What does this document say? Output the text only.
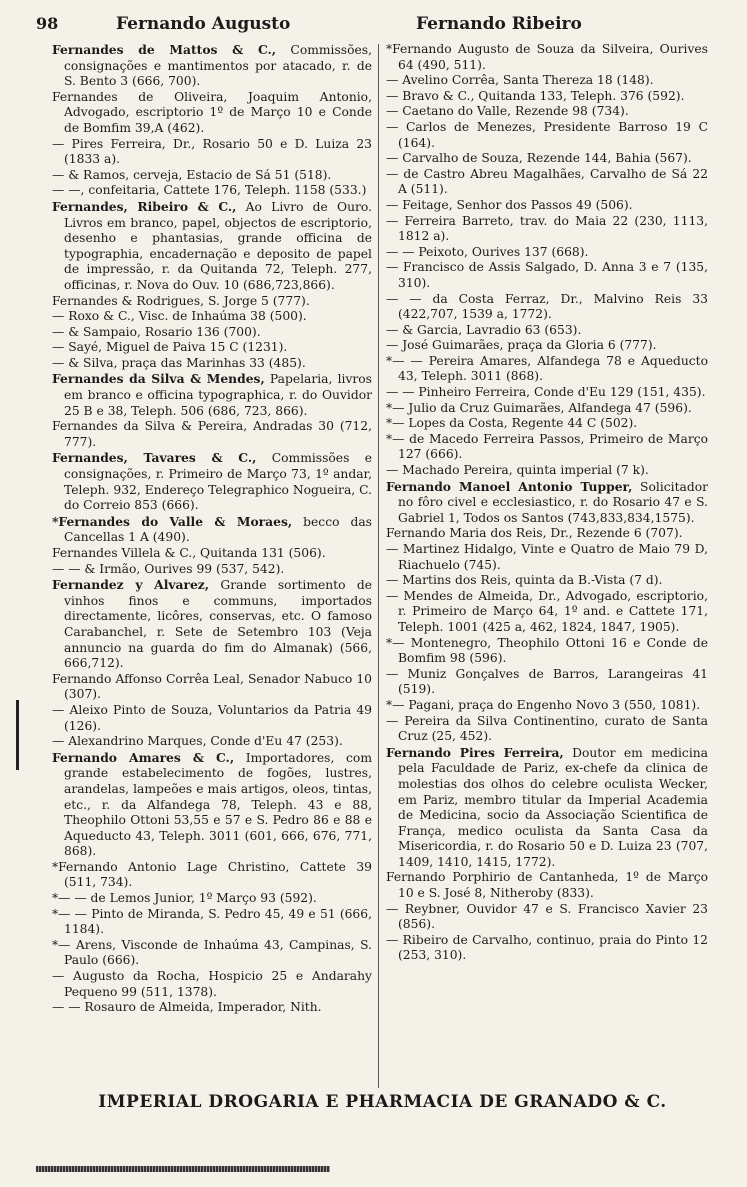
98	Fernando Augusto	Fernando Ribeiro

Fernandes de Mattos & C., Commissões, consignações e mantimentos por atacado, r. de S. Bento 3 (666, 700).

Fernandes de Oliveira, Joaquim Antonio, Advogado, escriptorio 1º de Março 10 e Conde de Bomfim 39,A (462).

— Pires Ferreira, Dr., Rosario 50 e D. Luiza 23 (1833 a).

— & Ramos, cerveja, Estacio de Sá 51 (518).

— —, confeitaria, Cattete 176, Teleph. 1158 (533.)

Fernandes, Ribeiro & C., Ao Livro de Ouro. Livros em branco, papel, objectos de escriptorio, desenho e phantasias, grande officina de typographia, encadernação e deposito de papel de impressão, r. da Quitanda 72, Teleph. 277, officinas, r. Nova do Ouv. 10 (686,723,866).

Fernandes & Rodrigues, S. Jorge 5 (777).

— Roxo & C., Visc. de Inhaúma 38 (500).

— & Sampaio, Rosario 136 (700).

— Sayé, Miguel de Paiva 15 C (1231).

— & Silva, praça das Marinhas 33 (485).

Fernandes da Silva & Mendes, Papelaria, livros em branco e officina typographica, r. do Ouvidor 25 B e 38, Teleph. 506 (686, 723, 866).

Fernandes da Silva & Pereira, Andradas 30 (712, 777).

Fernandes, Tavares & C., Commissões e consignações, r. Primeiro de Março 73, 1º andar, Teleph. 932, Endereço Telegraphico Nogueira, C. do Correio 853 (666).

*Fernandes do Valle & Moraes, becco das Cancellas 1 A (490).

Fernandes Villela & C., Quitanda 131 (506).

— — & Irmão, Ourives 99 (537, 542).

Fernandez y Alvarez, Grande sortimento de vinhos finos e communs, importados directamente, licôres, conservas, etc. O famoso Carabanchel, r. Sete de Setembro 103 (Veja annuncio na guarda do fim do Almanak) (566, 666,712).

Fernando Affonso Corrêa Leal, Senador Nabuco 10 (307).

— Aleixo Pinto de Souza, Voluntarios da Patria 49 (126).

— Alexandrino Marques, Conde d'Eu 47 (253).

Fernando Amares & C., Importadores, com grande estabelecimento de fogões, lustres, arandelas, lampeões e mais artigos, oleos, tintas, etc., r. da Alfandega 78, Teleph. 43 e 88, Theophilo Ottoni 53,55 e 57 e S. Pedro 86 e 88 e Aqueducto 43, Teleph. 3011 (601, 666, 676, 771, 868).

*Fernando Antonio Lage Christino, Cattete 39 (511, 734).

*— — de Lemos Junior, 1º Março 93 (592).

*— — Pinto de Miranda, S. Pedro 45, 49 e 51 (666, 1184).

*— Arens, Visconde de Inhaúma 43, Campinas, S. Paulo (666).

— Augusto da Rocha, Hospicio 25 e Andarahy Pequeno 99 (511, 1378).

— — Rosauro de Almeida, Imperador, Nith.

*Fernando Augusto de Souza da Silveira, Ourives 64 (490, 511).

— Avelino Corrêa, Santa Thereza 18 (148).

— Bravo & C., Quitanda 133, Teleph. 376 (592).

— Caetano do Valle, Rezende 98 (734).

— Carlos de Menezes, Presidente Barroso 19 C (164).

— Carvalho de Souza, Rezende 144, Bahia (567).

— de Castro Abreu Magalhães, Carvalho de Sá 22 A (511).

— Feitage, Senhor dos Passos 49 (506).

— Ferreira Barreto, trav. do Maia 22 (230, 1113, 1812 a).

— — Peixoto, Ourives 137 (668).

— Francisco de Assis Salgado, D. Anna 3 e 7 (135, 310).

— — da Costa Ferraz, Dr., Malvino Reis 33 (422,707, 1539 a, 1772).

— & Garcia, Lavradio 63 (653).

— José Guimarães, praça da Gloria 6 (777).

*— — Pereira Amares, Alfandega 78 e Aqueducto 43, Teleph. 3011 (868).

— — Pinheiro Ferreira, Conde d'Eu 129 (151, 435).

*— Julio da Cruz Guimarães, Alfandega 47 (596).

*— Lopes da Costa, Regente 44 C (502).

*— de Macedo Ferreira Passos, Primeiro de Março 127 (666).

— Machado Pereira, quinta imperial (7 k).

Fernando Manoel Antonio Tupper, Solicitador no fôro civel e ecclesiastico, r. do Rosario 47 e S. Gabriel 1, Todos os Santos (743,833,834,1575).

Fernando Maria dos Reis, Dr., Rezende 6 (707).

— Martinez Hidalgo, Vinte e Quatro de Maio 79 D, Riachuelo (745).

— Martins dos Reis, quinta da B.-Vista (7 d).

— Mendes de Almeida, Dr., Advogado, escriptorio, r. Primeiro de Março 64, 1º and. e Cattete 171, Teleph. 1001 (425 a, 462, 1824, 1847, 1905).

*— Montenegro, Theophilo Ottoni 16 e Conde de Bomfim 98 (596).

— Muniz Gonçalves de Barros, Larangeiras 41 (519).

*— Pagani, praça do Engenho Novo 3 (550, 1081).

— Pereira da Silva Continentino, curato de Santa Cruz (25, 452).

Fernando Pires Ferreira, Doutor em medicina pela Faculdade de Pariz, ex-chefe da clinica de molestias dos olhos do celebre oculista Wecker, em Pariz, membro titular da Imperial Academia de Medicina, socio da Associação Scientifica de França, medico oculista da Santa Casa da Misericordia, r. do Rosario 50 e D. Luiza 23 (707, 1409, 1410, 1415, 1772).

Fernando Porphirio de Cantanheda, 1º de Março 10 e S. José 8, Nitheroby (833).

— Reybner, Ouvidor 47 e S. Francisco Xavier 23 (856).

— Ribeiro de Carvalho, continuo, praia do Pinto 12 (253, 310).

IMPERIAL DROGARIA E PHARMACIA DE GRANADO & C.
